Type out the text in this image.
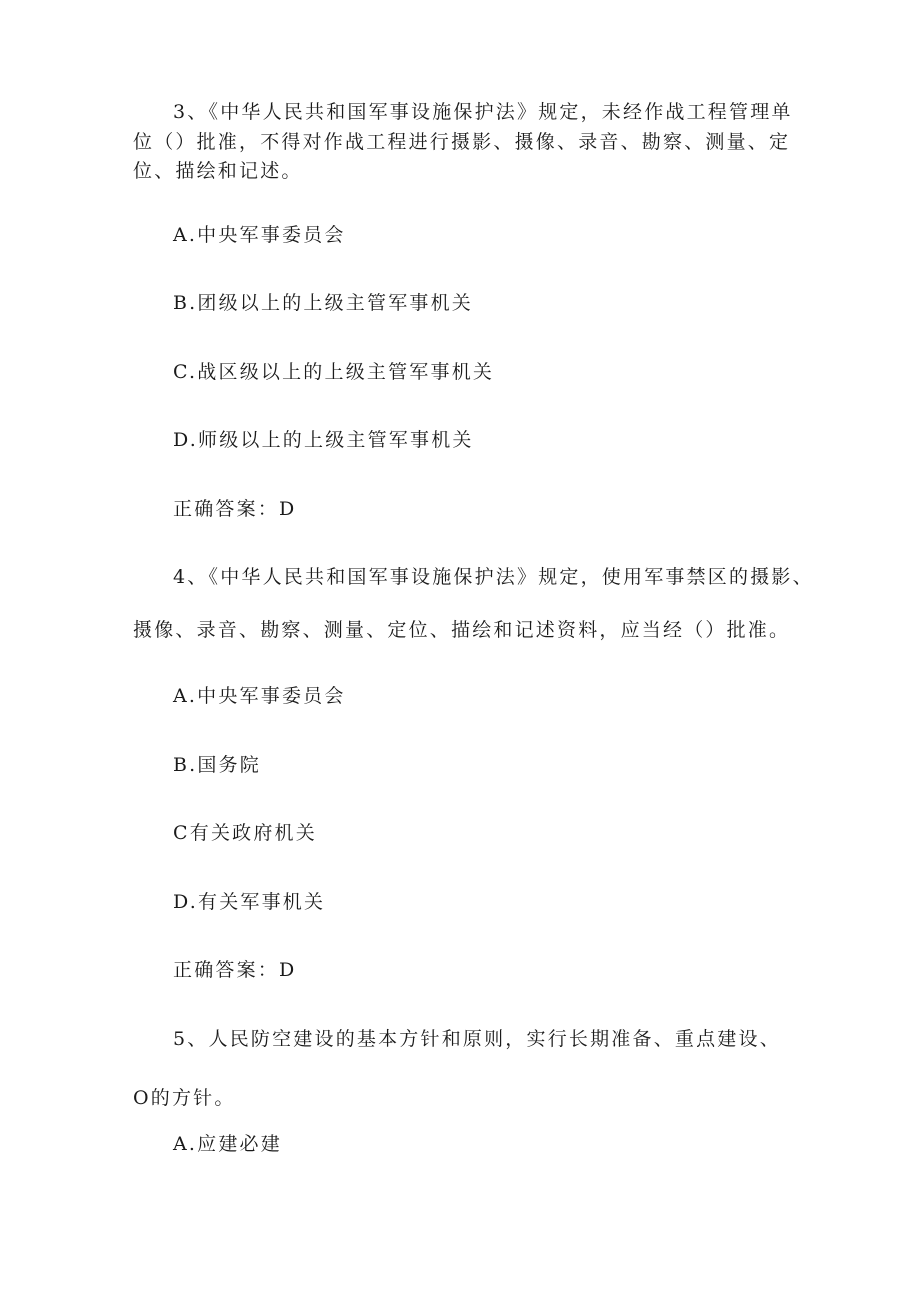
3、《中华人民共和国军事设施保护法》规定，未经作战工程管理单
位（）批准，不得对作战工程进行摄影、摄像、录音、勘察、测量、定
位、描绘和记述。
A.中央军事委员会
B.团级以上的上级主管军事机关
C.战区级以上的上级主管军事机关
D.师级以上的上级主管军事机关
正确答案：D
4、《中华人民共和国军事设施保护法》规定，使用军事禁区的摄影、
摄像、录音、勘察、测量、定位、描绘和记述资料，应当经（）批准。
A.中央军事委员会
B.国务院
C有关政府机关
D.有关军事机关
正确答案：D
5、人民防空建设的基本方针和原则，实行长期准备、重点建设、
O的方针。
A.应建必建
